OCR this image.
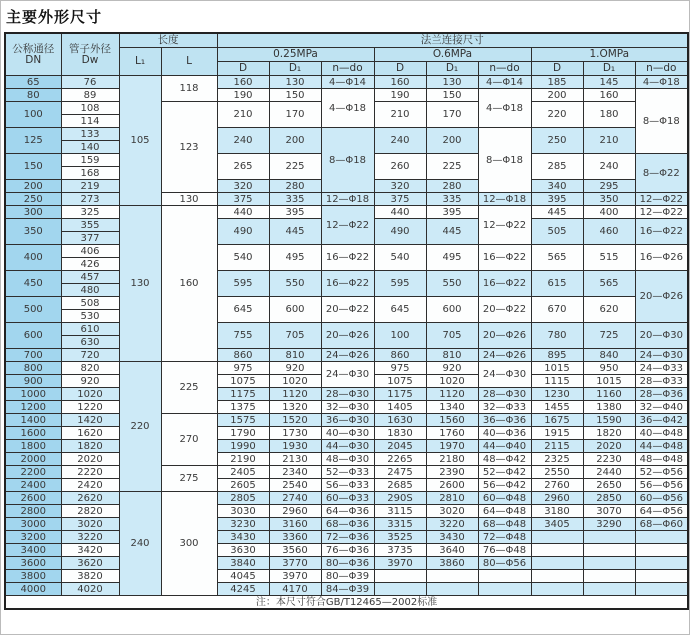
主要外形尺寸
公称通径
DN	管子外径
Dw	长度		法兰连接尺寸								
		L₁	L	0.25MPa			O.6MPa			1.OMPa		
				D	D₁	n—do	D	D₁	n—do	D	D₁	n—do
65	76	105	118	160	130	4—Φ14	160	130	4—Φ14	185	145	4—Φ18
80	89			190	150	4—Φ18	190	150	4—Φ18	200	160	8—Φ18
100	108		123	210	170		210	170		220	180	
	114											
125	133			240	200	8—Φ18	240	200	8—Φ18	250	210	
	140											
150	159			265	225		260	225		285	240	8—Φ22
	168											
200	219			320	280		320	280		340	295	
250	273		130	375	335	12—Φ18	375	335	12—Φ18	395	350	12—Φ22
300	325	130	160	440	395	12—Φ22	440	395	12—Φ22	445	400	12—Φ22
350	355			490	445		490	445		505	460	16—Φ22
	377											
400	406			540	495	16—Φ22	540	495	16—Φ22	565	515	16—Φ26
	426											
450	457			595	550	16—Φ22	595	550	16—Φ22	615	565	20—Φ26
	480											
500	508			645	600	20—Φ22	645	600	20—Φ22	670	620	
	530											
600	610			755	705	20—Φ26	100	705	20—Φ26	780	725	20—Φ30
	630											
700	720			860	810	24—Φ26	860	810	24—Φ26	895	840	24—Φ30
800	820	220	225	975	920	24—Φ30	975	920	24—Φ30	1015	950	24—Φ33
900	920			1075	1020		1075	1020		1115	1015	28—Φ33
1000	1020			1175	1120	28—Φ30	1175	1120	28—Φ30	1230	1160	28—Φ36
1200	1220			1375	1320	32—Φ30	1405	1340	32—Φ33	1455	1380	32—Φ40
1400	1420		270	1575	1520	36—Φ30	1630	1560	36—Φ36	1675	1590	36—Φ42
1600	1620			1790	1730	40—Φ30	1830	1760	40—Φ36	1915	1820	40—Φ48
1800	1820			1990	1930	44—Φ30	2045	1970	44—Φ40	2115	2020	44—Φ48
2000	2020			2190	2130	48—Φ30	2265	2180	48—Φ42	2325	2230	48—Φ48
2200	2220		275	2405	2340	52—Φ33	2475	2390	52—Φ42	2550	2440	52—Φ56
2400	2420			2605	2540	S6—Φ33	2685	2600	56—Φ42	2760	2650	56—Φ56
2600	2620	240	300	2805	2740	60—Φ33	290S	2810	60—Φ48	2960	2850	60—Φ56
2800	2820			3030	2960	64—Φ36	3115	3020	64—Φ48	3180	3070	64—Φ56
3000	3020			3230	3160	68—Φ36	3315	3220	68—Φ48	3405	3290	68—Φ60
3200	3220			3430	3360	72—Φ36	3525	3430	72—Φ48			
3400	3420			3630	3560	76—Φ36	3735	3640	76—Φ48			
3600	3620			3840	3770	80—Φ36	3970	3860	80—Φ56			
3800	3820			4045	3970	80—Φ39						
4000	4020			4245	4170	84—Φ39						
注：本尺寸符合GB/T12465—2002标准												
